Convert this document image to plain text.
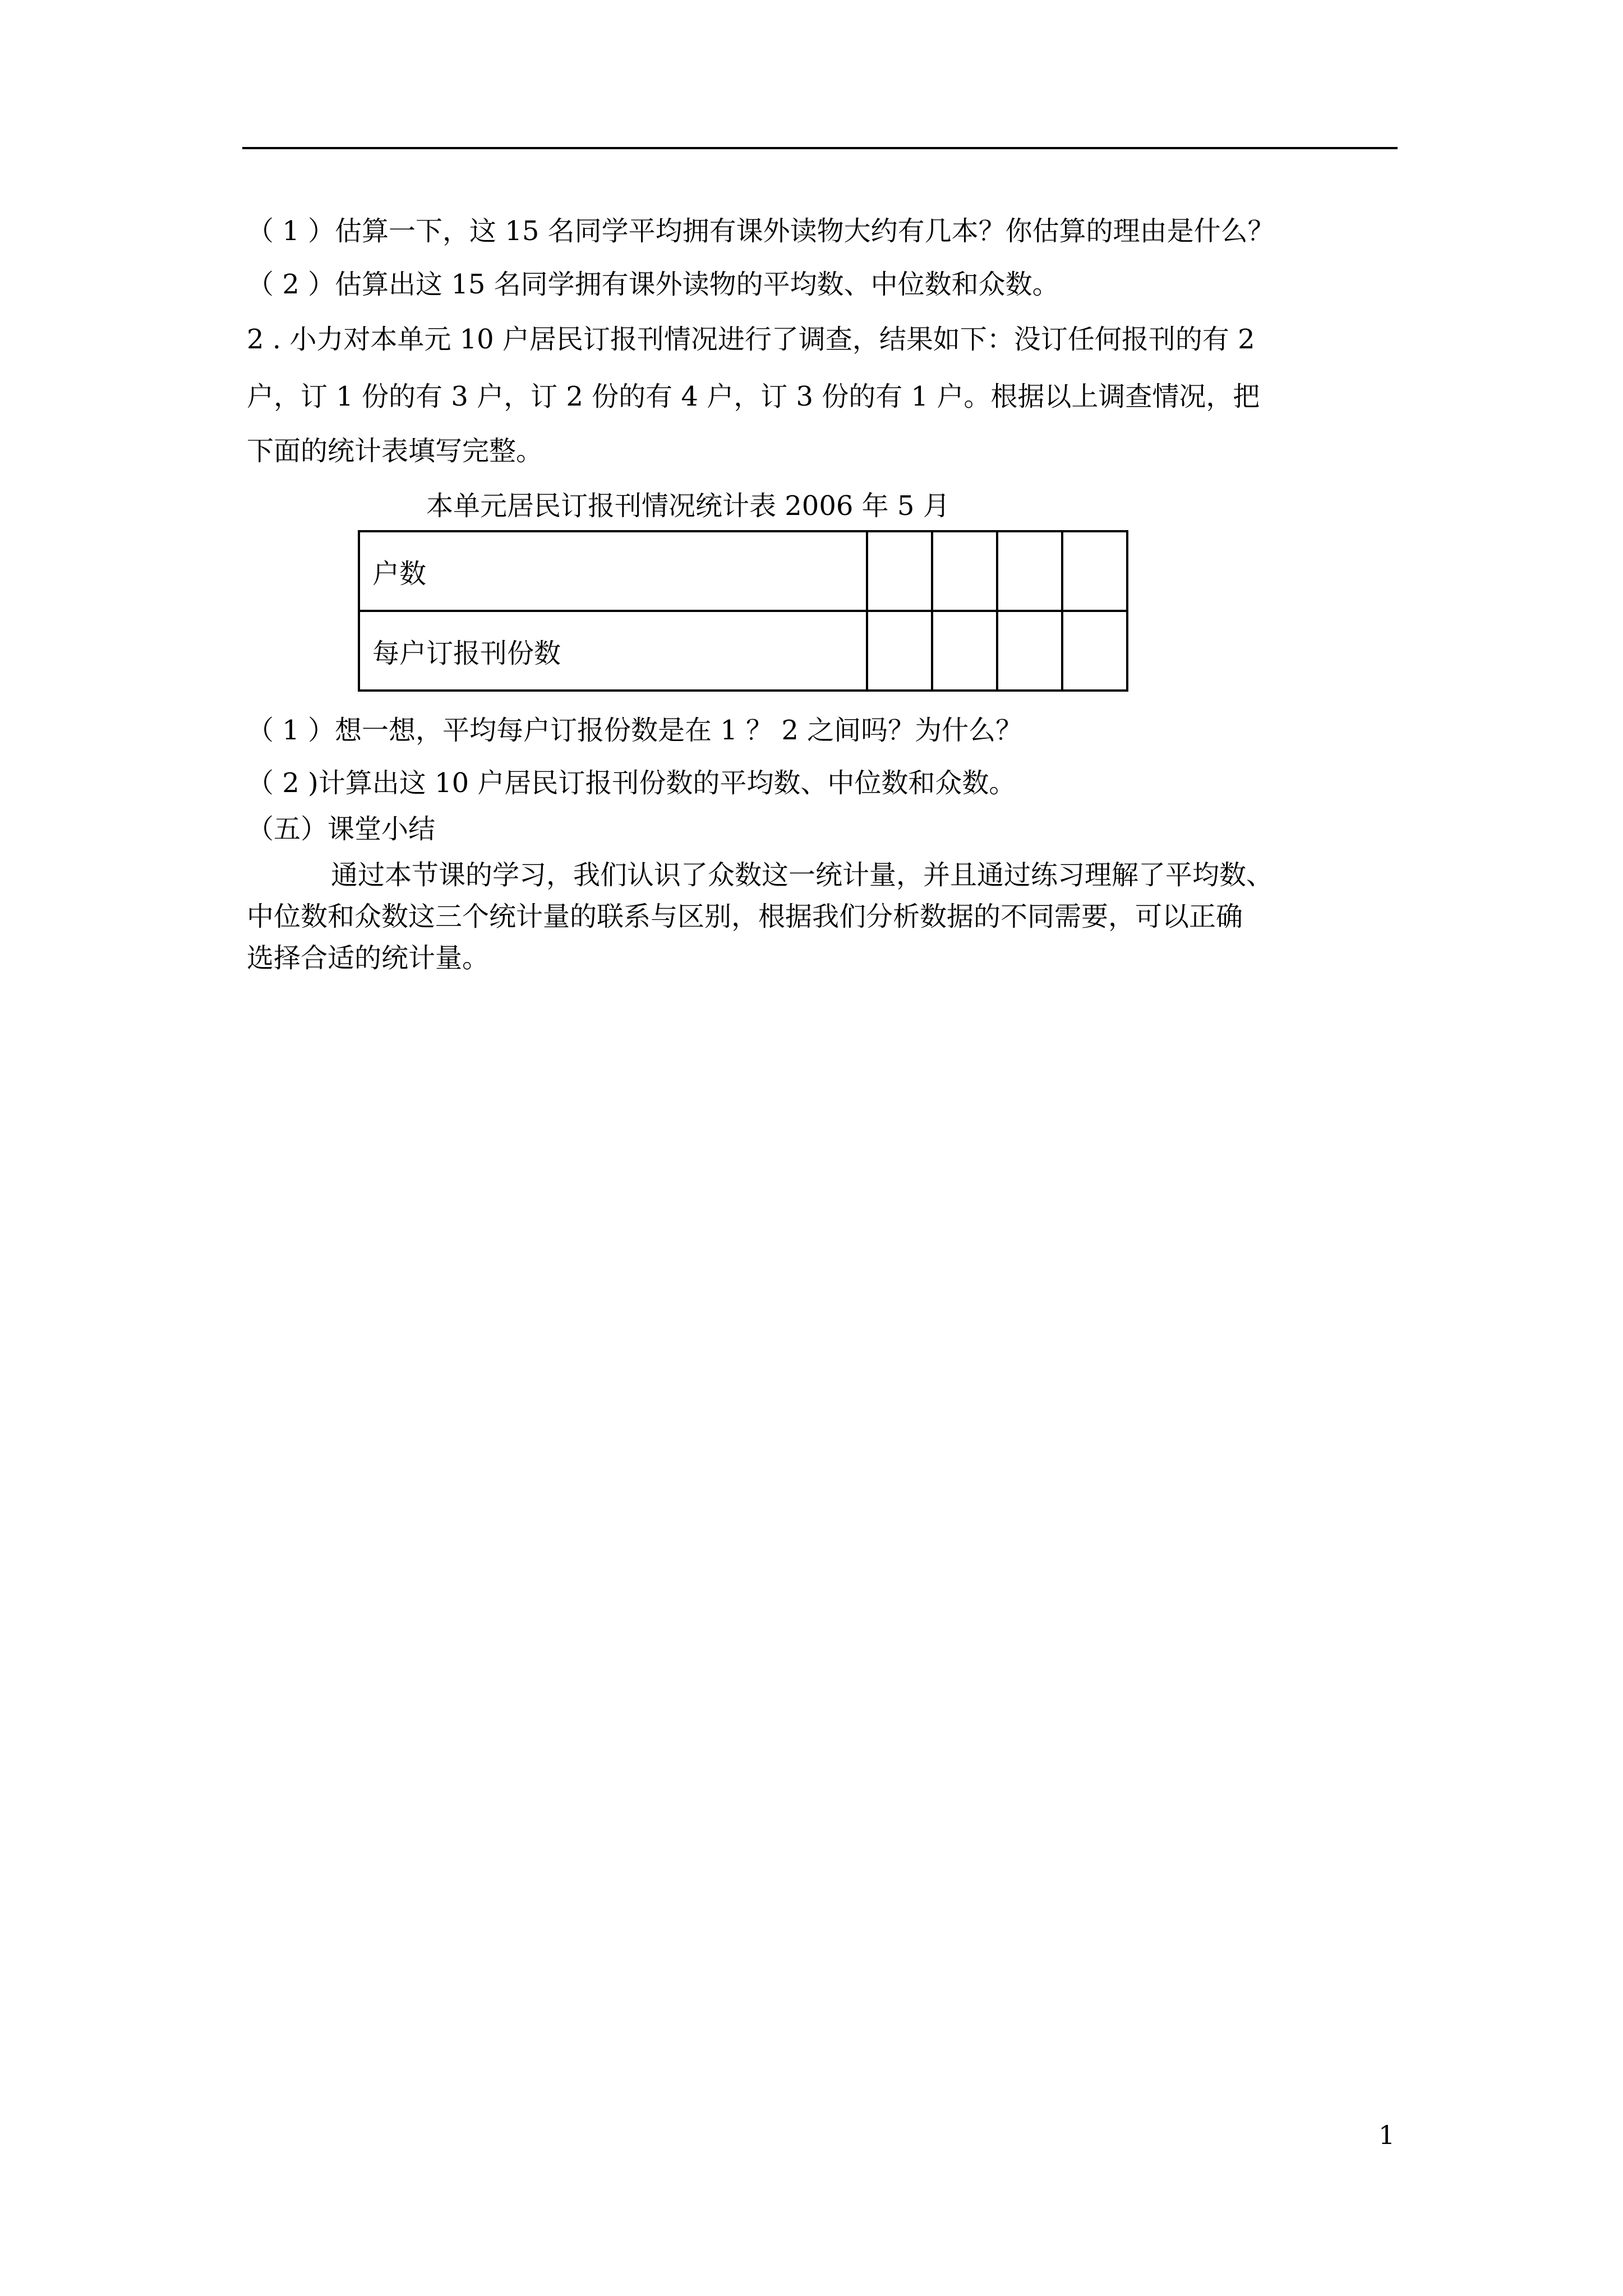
（ 1 ）估算一下，这 15 名同学平均拥有课外读物大约有几本？你估算的理由是什么？
（ 2 ）估算出这 15 名同学拥有课外读物的平均数、中位数和众数。
2 . 小力对本单元 10 户居民订报刊情况进行了调查，结果如下：没订任何报刊的有 2
户，订 1 份的有 3 户，订 2 份的有 4 户，订 3 份的有 1 户。根据以上调查情况，把
下面的统计表填写完整。
本单元居民订报刊情况统计表 2006 年 5 月
户数				
每户订报刊份数				
（ 1 ）想一想，平均每户订报份数是在 1 ？ 2 之间吗？为什么？
（ 2 )计算出这 10 户居民订报刊份数的平均数、中位数和众数。
（五）课堂小结
通过本节课的学习，我们认识了众数这一统计量，并且通过练习理解了平均数、
中位数和众数这三个统计量的联系与区别，根据我们分析数据的不同需要，可以正确
选择合适的统计量。
1
